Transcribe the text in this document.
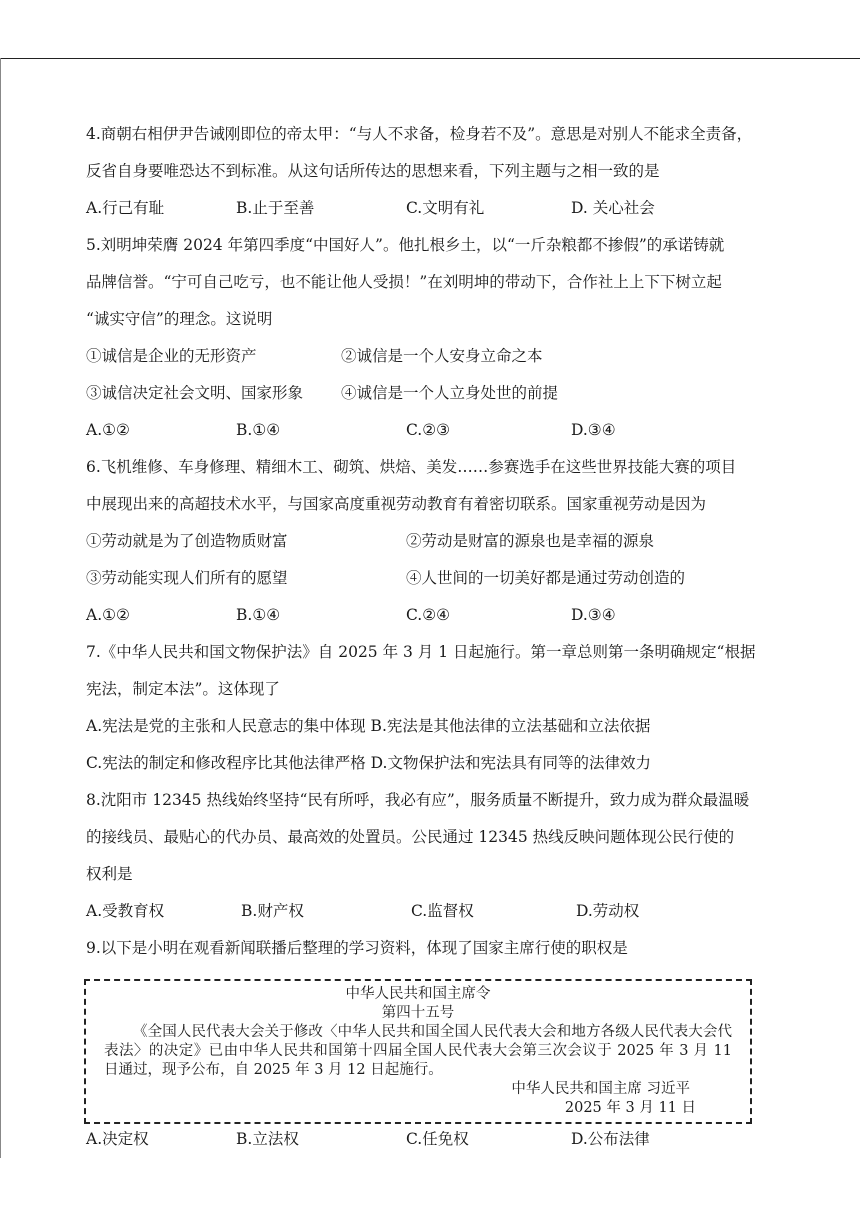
4.商朝右相伊尹告诫刚即位的帝太甲：“与人不求备，检身若不及”。意思是对别人不能求全责备，
反省自身要唯恐达不到标准。从这句话所传达的思想来看，下列主题与之相一致的是
A.行己有耻	B.止于至善	C.文明有礼	D. 关心社会
5.刘明坤荣膺 2024 年第四季度“中国好人”。他扎根乡土，以“一斤杂粮都不掺假”的承诺铸就
品牌信誉。“宁可自己吃亏，也不能让他人受损！”在刘明坤的带动下，合作社上上下下树立起
“诚实守信”的理念。这说明
①诚信是企业的无形资产	②诚信是一个人安身立命之本
③诚信决定社会文明、国家形象	④诚信是一个人立身处世的前提
A.①②	B.①④	C.②③	D.③④
6.飞机维修、车身修理、精细木工、砌筑、烘焙、美发……参赛选手在这些世界技能大赛的项目
中展现出来的高超技术水平，与国家高度重视劳动教育有着密切联系。国家重视劳动是因为
①劳动就是为了创造物质财富	②劳动是财富的源泉也是幸福的源泉
③劳动能实现人们所有的愿望	④人世间的一切美好都是通过劳动创造的
A.①②	B.①④	C.②④	D.③④
7.《中华人民共和国文物保护法》自 2025 年 3 月 1 日起施行。第一章总则第一条明确规定“根据
宪法，制定本法”。这体现了
A.宪法是党的主张和人民意志的集中体现 B.宪法是其他法律的立法基础和立法依据
C.宪法的制定和修改程序比其他法律严格 D.文物保护法和宪法具有同等的法律效力
8.沈阳市 12345 热线始终坚持“民有所呼，我必有应”，服务质量不断提升，致力成为群众最温暖
的接线员、最贴心的代办员、最高效的处置员。公民通过 12345 热线反映问题体现公民行使的
权利是
A.受教育权	B.财产权	C.监督权	D.劳动权
9.以下是小明在观看新闻联播后整理的学习资料，体现了国家主席行使的职权是
中华人民共和国主席令
第四十五号
《全国人民代表大会关于修改〈中华人民共和国全国人民代表大会和地方各级人民代表大会代表法〉的决定》已由中华人民共和国第十四届全国人民代表大会第三次会议于 2025 年 3 月 11 日通过，现予公布，自 2025 年 3 月 12 日起施行。
中华人民共和国主席 习近平
2025 年 3 月 11 日
A.决定权	B.立法权	C.任免权	D.公布法律
